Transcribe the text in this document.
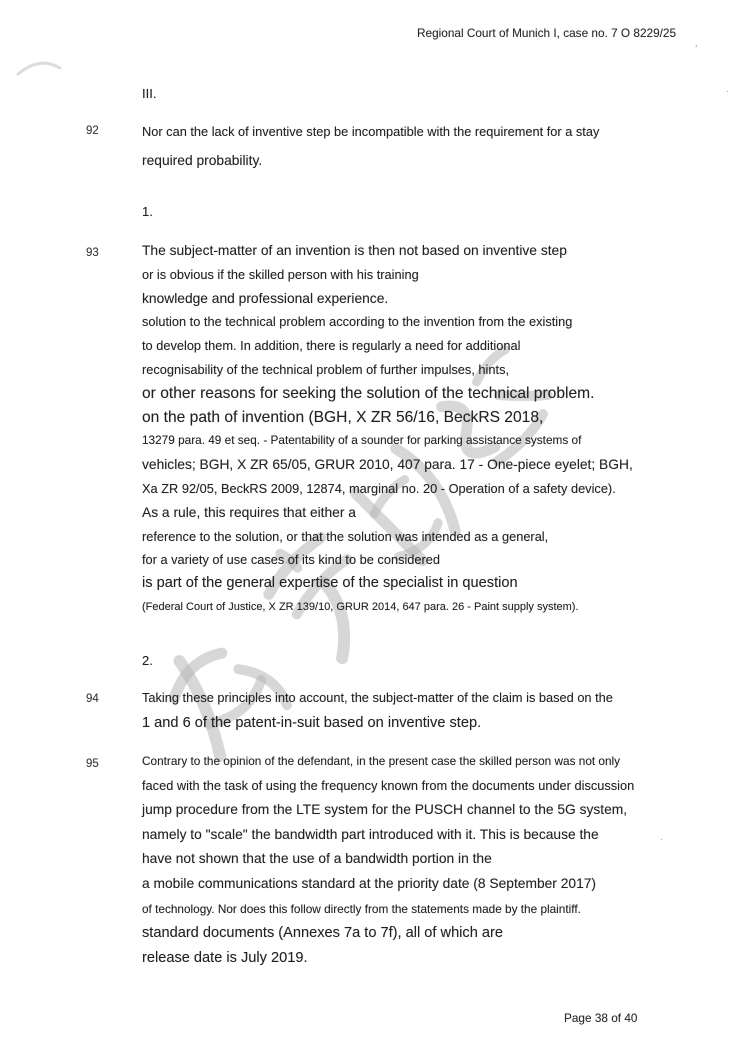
Regional Court of Munich I, case no. 7 O 8229/25
ʼ
·
·
III.
92	Nor can the lack of inventive step be incompatible with the requirement for a stay
required probability.
1.
93	The subject-matter of an invention is then not based on inventive step
or is obvious if the skilled person with his training
knowledge and professional experience.
solution to the technical problem according to the invention from the existing
to develop them. In addition, there is regularly a need for additional
recognisability of the technical problem of further impulses, hints,
or other reasons for seeking the solution of the technical problem.
on the path of invention (BGH, X ZR 56/16, BeckRS 2018,
13279 para. 49 et seq. - Patentability of a sounder for parking assistance systems of
vehicles; BGH, X ZR 65/05, GRUR 2010, 407 para. 17 - One-piece eyelet; BGH,
Xa ZR 92/05, BeckRS 2009, 12874, marginal no. 20 - Operation of a safety device).
As a rule, this requires that either a
reference to the solution, or that the solution was intended as a general,
for a variety of use cases of its kind to be considered
is part of the general expertise of the specialist in question
(Federal Court of Justice, X ZR 139/10, GRUR 2014, 647 para. 26 - Paint supply system).
2.
94	Taking these principles into account, the subject-matter of the claim is based on the
1 and 6 of the patent-in-suit based on inventive step.
95	Contrary to the opinion of the defendant, in the present case the skilled person was not only
faced with the task of using the frequency known from the documents under discussion
jump procedure from the LTE system for the PUSCH channel to the 5G system,
namely to "scale" the bandwidth part introduced with it. This is because the
have not shown that the use of a bandwidth portion in the
a mobile communications standard at the priority date (8 September 2017)
of technology. Nor does this follow directly from the statements made by the plaintiff.
standard documents (Annexes 7a to 7f), all of which are
release date is July 2019.
Page 38 of 40
